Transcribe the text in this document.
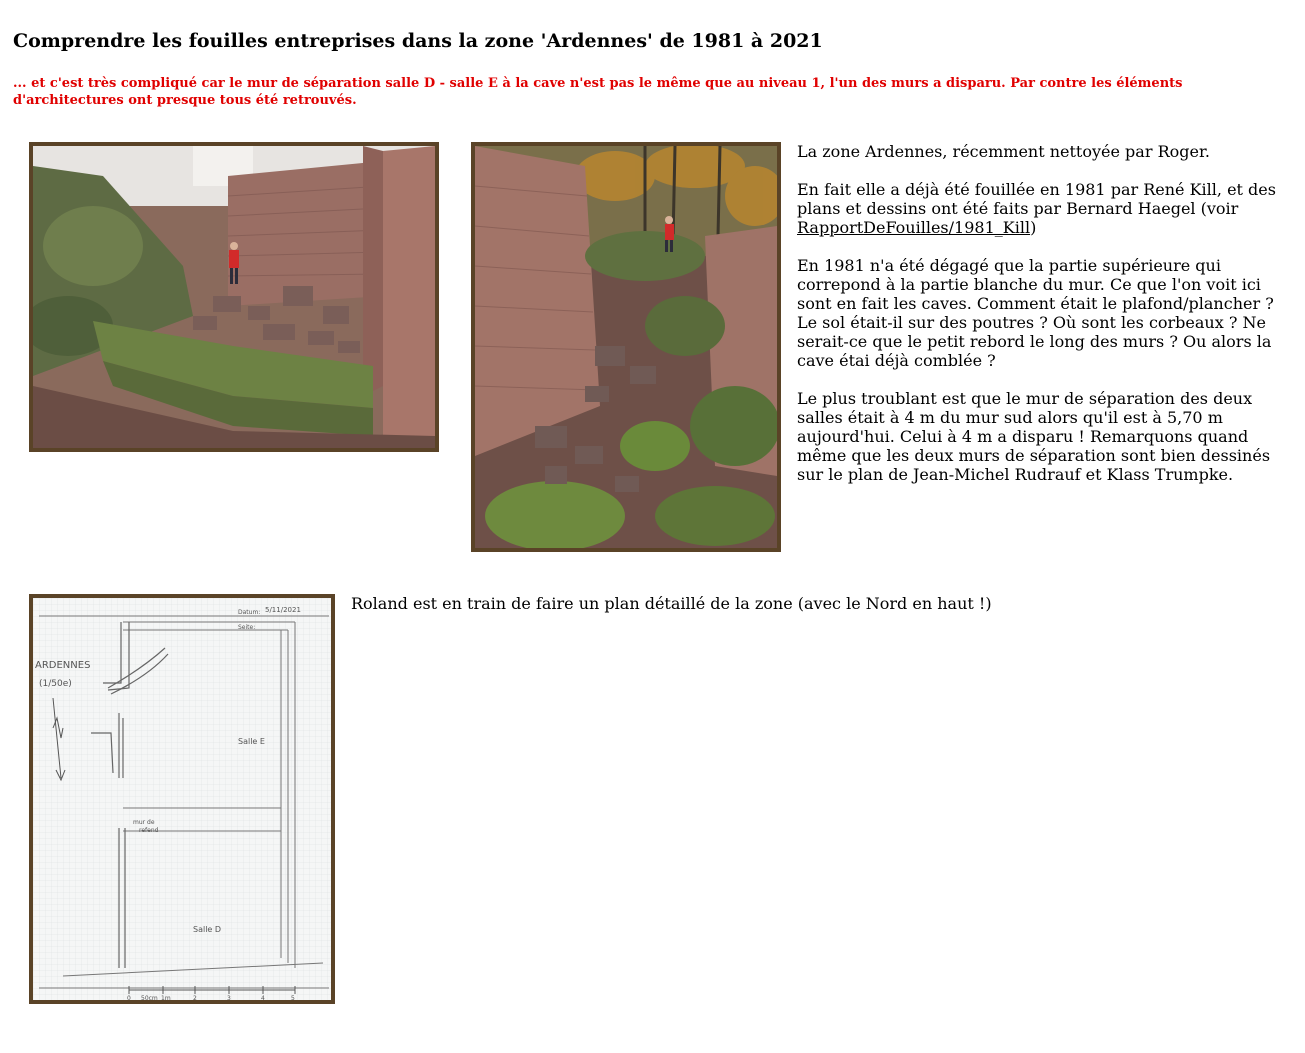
Comprendre les fouilles entreprises dans la zone 'Ardennes' de 1981 à 2021

... et c'est très compliqué car le mur de séparation salle D - salle E à la cave n'est pas le même que au niveau 1, l'un des murs a disparu. Par contre les éléments d'architectures ont presque tous été retrouvés.

La zone Ardennes, récemment nettoyée par Roger.

En fait elle a déjà été fouillée en 1981 par René Kill, et des plans et dessins ont été faits par Bernard Haegel (voir RapportDeFouilles/1981_Kill)

En 1981 n'a été dégagé que la partie supérieure qui correpond à la partie blanche du mur. Ce que l'on voit ici sont en fait les caves. Comment était le plafond/plancher ? Le sol était-il sur des poutres ? Où sont les corbeaux ? Ne serait-ce que le petit rebord le long des murs ? Ou alors la cave étai déjà comblée ?

Le plus troublant est que le mur de séparation des deux salles était à 4 m du mur sud alors qu'il est à 5,70 m aujourd'hui. Celui à 4 m a disparu ! Remarquons quand même que les deux murs de séparation sont bien dessinés sur le plan de Jean-Michel Rudrauf et Klass Trumpke.

ARDENNES
(1/50e)
Datum: 5/11/2021
Seite:
Salle E
Salle D
mur de
refend
0 50cm 1m	2	3	4	5

Roland est en train de faire un plan détaillé de la zone (avec le Nord en haut !)
